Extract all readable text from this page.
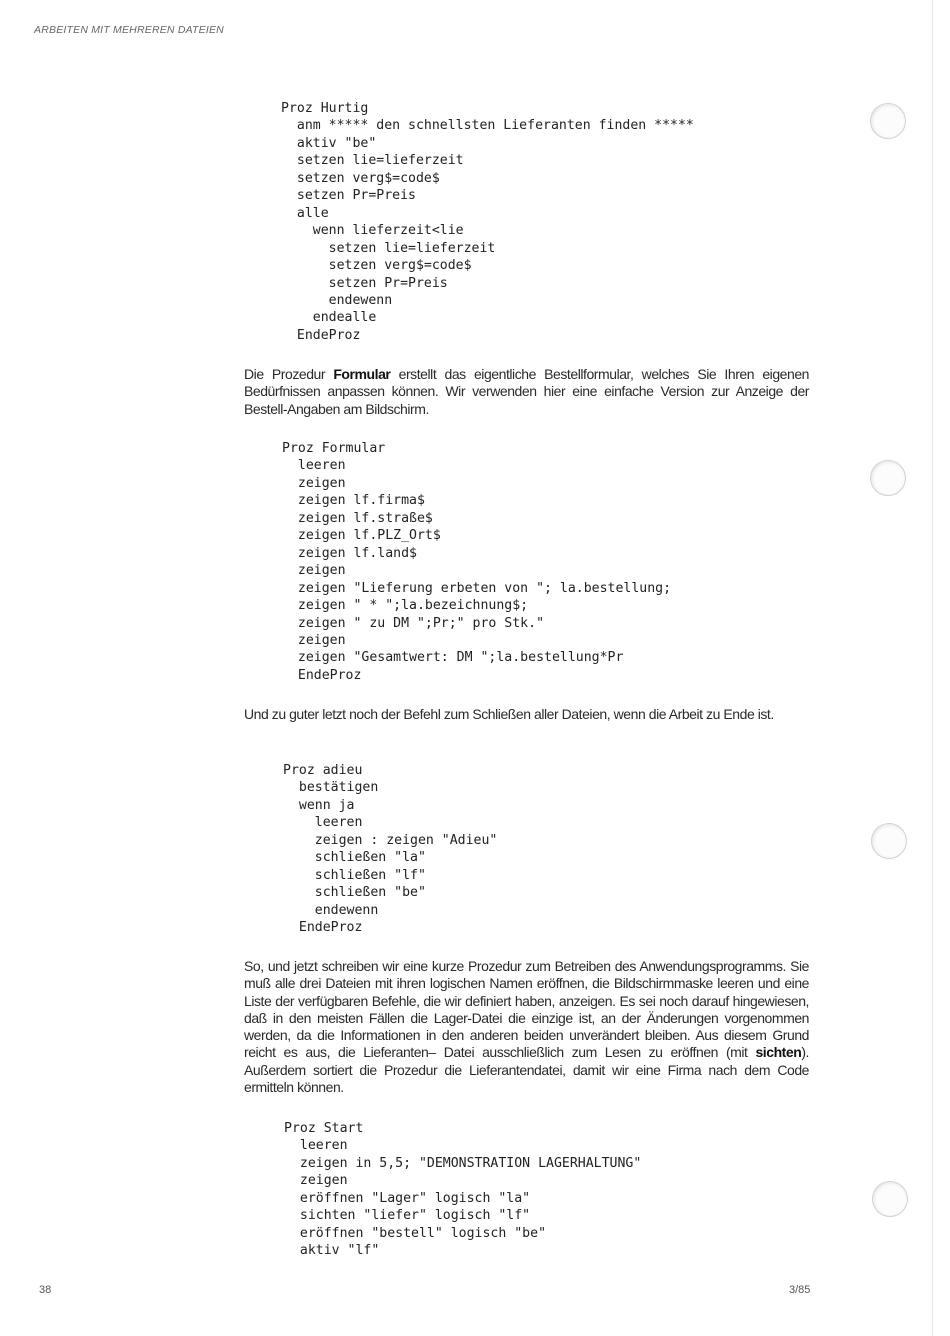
ARBEITEN MIT MEHREREN DATEIEN
Proz Hurtig
anm ***** den schnellsten Lieferanten finden *****
aktiv "be"
setzen lie=lieferzeit
setzen verg$=code$
setzen Pr=Preis
alle
wenn lieferzeit<lie
setzen lie=lieferzeit
setzen verg$=code$
setzen Pr=Preis
endewenn
endealle
EndeProz

Die Prozedur Formular erstellt das eigentliche Bestellformular, welches Sie Ihren eigenen Bedürfnissen anpassen können. Wir verwenden hier eine einfache Version zur Anzeige der Bestell-Angaben am Bildschirm.

Proz Formular
leeren
zeigen
zeigen lf.firma$
zeigen lf.straße$
zeigen lf.PLZ_Ort$
zeigen lf.land$
zeigen
zeigen "Lieferung erbeten von "; la.bestellung;
zeigen " * ";la.bezeichnung$;
zeigen " zu DM ";Pr;" pro Stk."
zeigen
zeigen "Gesamtwert: DM ";la.bestellung*Pr
EndeProz

Und zu guter letzt noch der Befehl zum Schließen aller Dateien, wenn die Arbeit zu Ende ist.

Proz adieu
bestätigen
wenn ja
leeren
zeigen : zeigen "Adieu"
schließen "la"
schließen "lf"
schließen "be"
endewenn
EndeProz

So, und jetzt schreiben wir eine kurze Prozedur zum Betreiben des Anwendungsprogramms. Sie muß alle drei Dateien mit ihren logischen Namen eröffnen, die Bildschirmmaske leeren und eine Liste der verfügbaren Befehle, die wir definiert haben, anzeigen. Es sei noch darauf hingewiesen, daß in den meisten Fällen die Lager-Datei die einzige ist, an der Änderungen vorgenommen werden, da die Informationen in den anderen beiden unverändert bleiben. Aus diesem Grund reicht es aus, die Lieferanten– Datei ausschließlich zum Lesen zu eröffnen (mit sichten). Außerdem sortiert die Prozedur die Lieferantendatei, damit wir eine Firma nach dem Code ermitteln können.

Proz Start
leeren
zeigen in 5,5; "DEMONSTRATION LAGERHALTUNG"
zeigen
eröffnen "Lager" logisch "la"
sichten "liefer" logisch "lf"
eröffnen "bestell" logisch "be"
aktiv "lf"
38	3/85
